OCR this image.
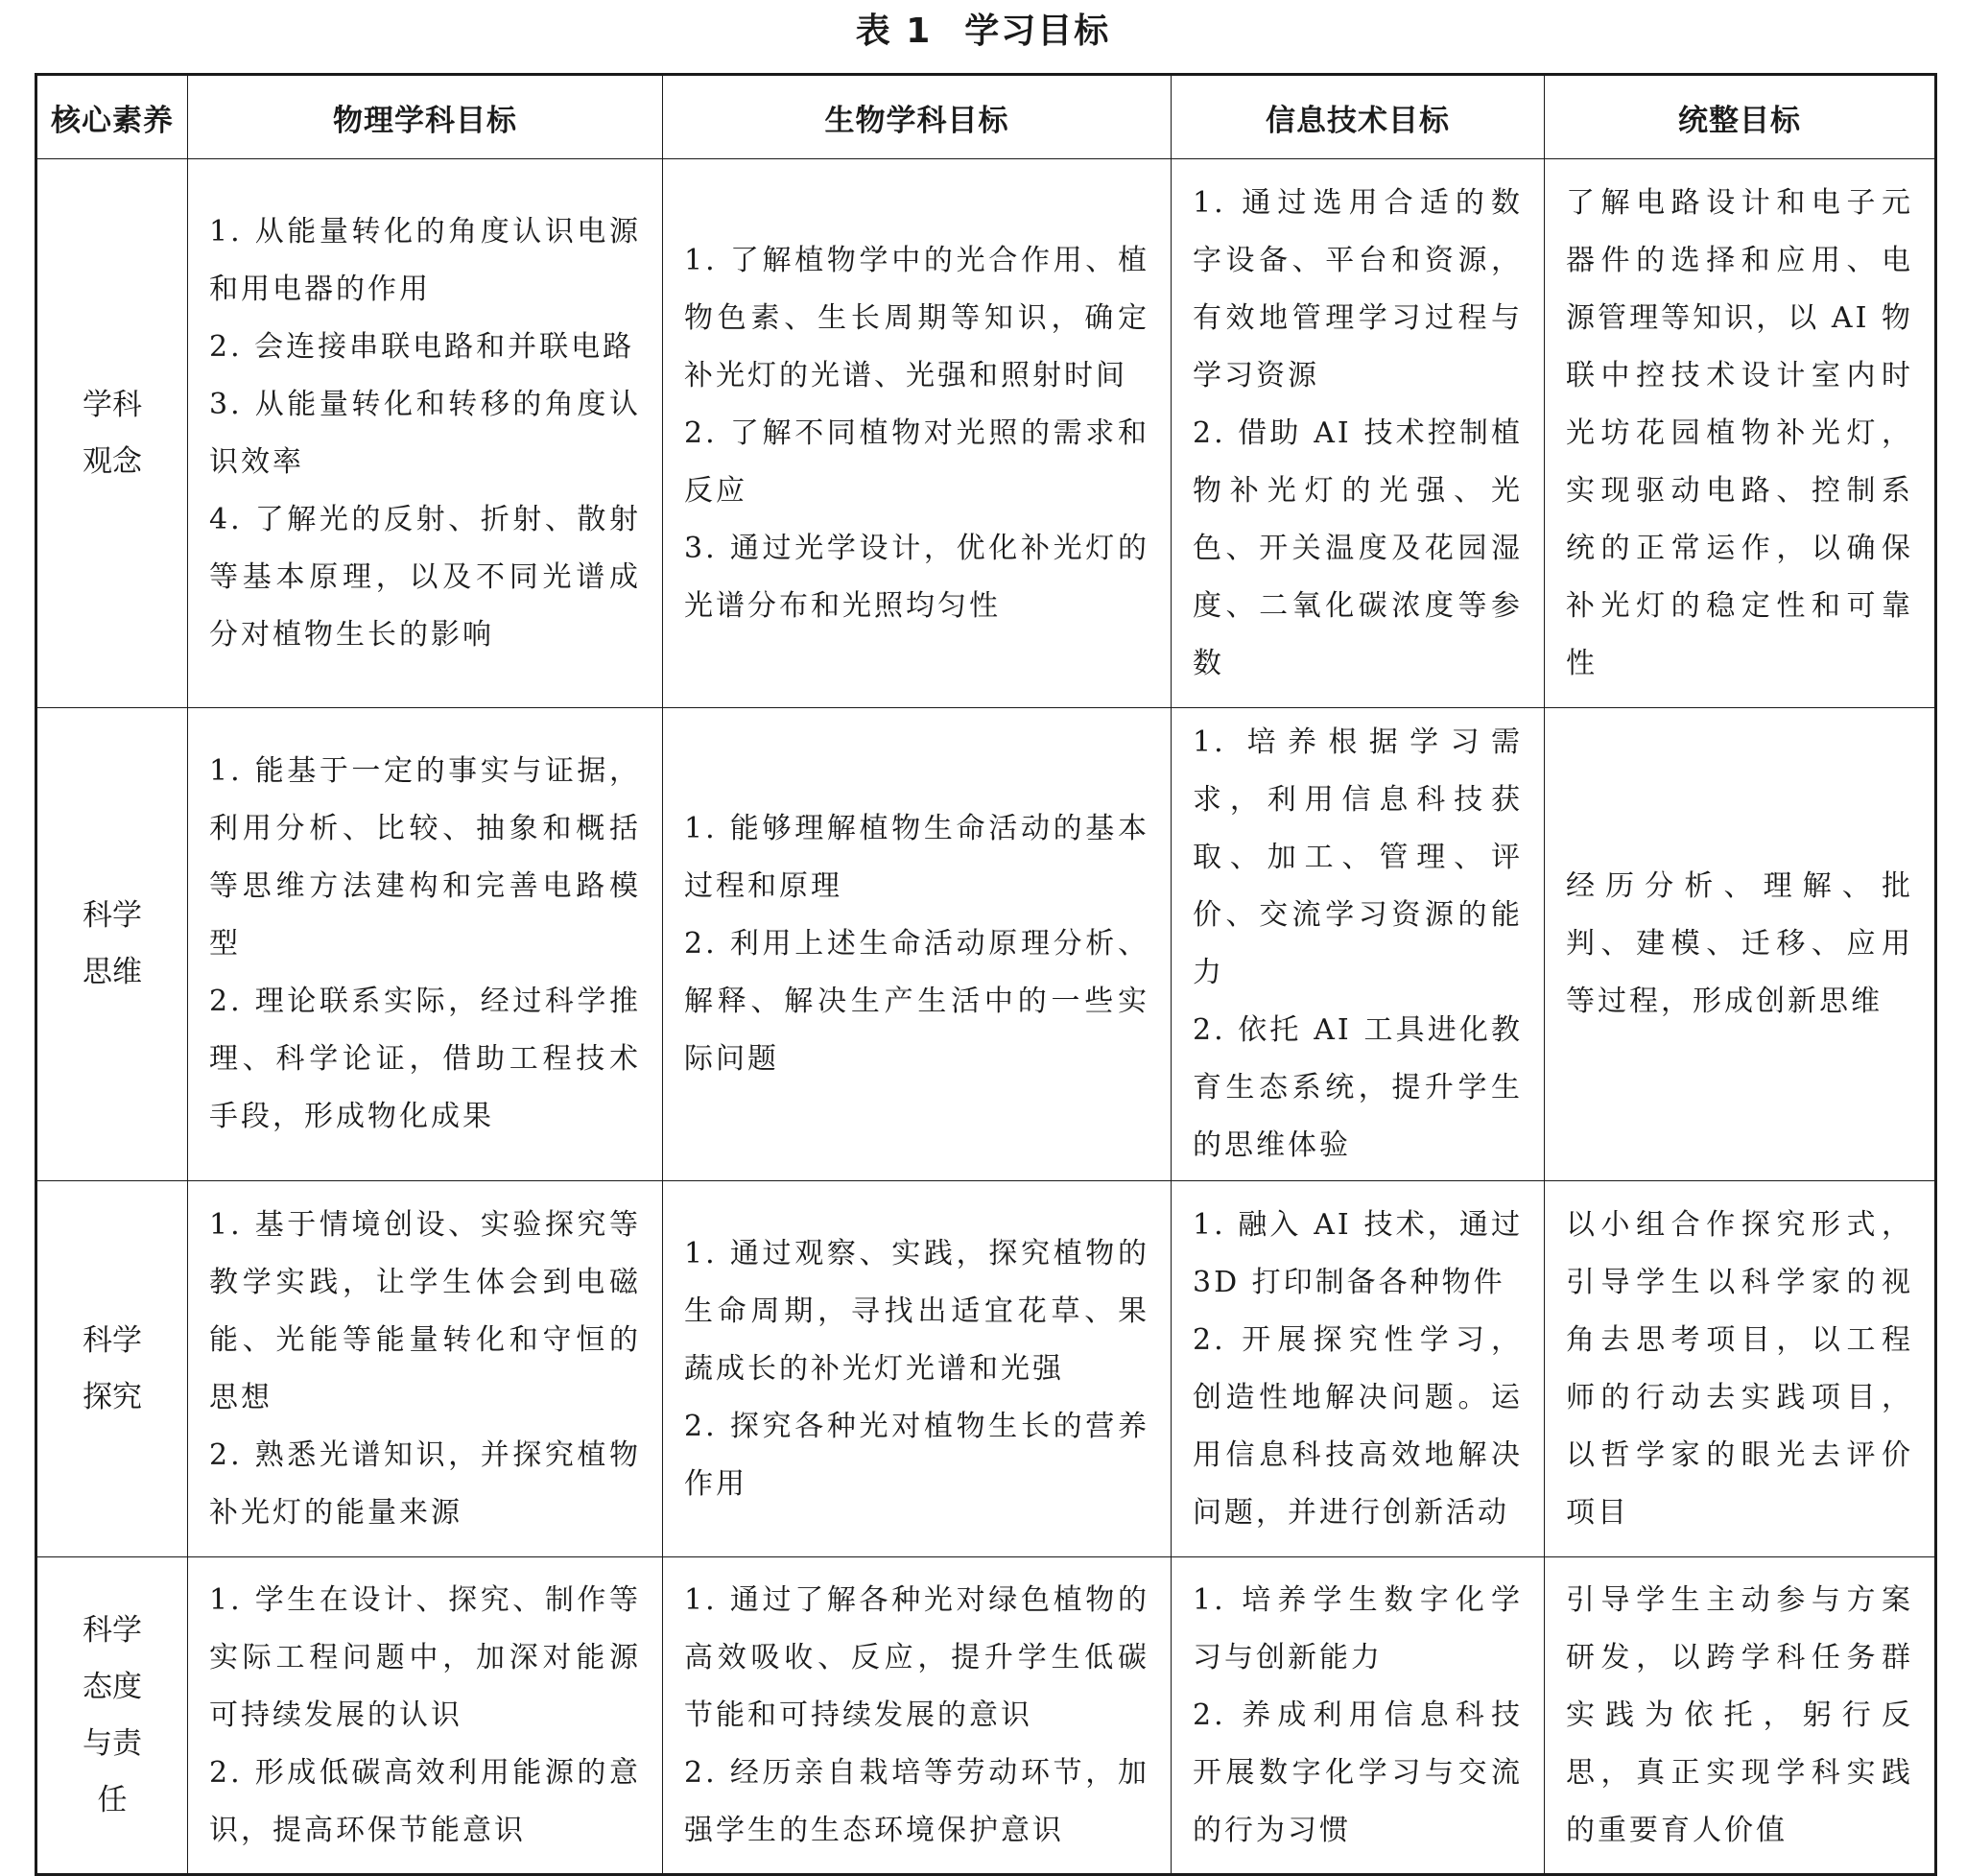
表 1 学习目标
核心素养	物理学科目标	生物学科目标	信息技术目标	统整目标

学科
观念	1. 从能量转化的角度认识电源和用电器的作用
2. 会连接串联电路和并联电路
3. 从能量转化和转移的角度认识效率
4. 了解光的反射、折射、散射等基本原理，以及不同光谱成分对植物生长的影响	1. 了解植物学中的光合作用、植物色素、生长周期等知识，确定补光灯的光谱、光强和照射时间
2. 了解不同植物对光照的需求和反应
3. 通过光学设计，优化补光灯的光谱分布和光照均匀性	1. 通过选用合适的数字设备、平台和资源，有效地管理学习过程与学习资源
2. 借助 AI 技术控制植物补光灯的光强、光色、开关温度及花园湿度、二氧化碳浓度等参数	了解电路设计和电子元器件的选择和应用、电源管理等知识，以 AI 物联中控技术设计室内时光坊花园植物补光灯，实现驱动电路、控制系统的正常运作，以确保补光灯的稳定性和可靠性

科学
思维	1. 能基于一定的事实与证据，利用分析、比较、抽象和概括等思维方法建构和完善电路模型
2. 理论联系实际，经过科学推理、科学论证，借助工程技术手段，形成物化成果	1. 能够理解植物生命活动的基本过程和原理
2. 利用上述生命活动原理分析、解释、解决生产生活中的一些实际问题	1. 培养根据学习需求，利用信息科技获取、加工、管理、评价、交流学习资源的能力
2. 依托 AI 工具进化教育生态系统，提升学生的思维体验	经历分析、理解、批判、建模、迁移、应用等过程，形成创新思维

科学
探究	1. 基于情境创设、实验探究等教学实践，让学生体会到电磁能、光能等能量转化和守恒的思想
2. 熟悉光谱知识，并探究植物补光灯的能量来源	1. 通过观察、实践，探究植物的生命周期，寻找出适宜花草、果蔬成长的补光灯光谱和光强
2. 探究各种光对植物生长的营养作用	1. 融入 AI 技术，通过 3D 打印制备各种物件
2. 开展探究性学习，创造性地解决问题。运用信息科技高效地解决问题，并进行创新活动	以小组合作探究形式，引导学生以科学家的视角去思考项目，以工程师的行动去实践项目，以哲学家的眼光去评价项目

科学
态度
与责
任	1. 学生在设计、探究、制作等实际工程问题中，加深对能源可持续发展的认识
2. 形成低碳高效利用能源的意识，提高环保节能意识	1. 通过了解各种光对绿色植物的高效吸收、反应，提升学生低碳节能和可持续发展的意识
2. 经历亲自栽培等劳动环节，加强学生的生态环境保护意识	1. 培养学生数字化学习与创新能力
2. 养成利用信息科技开展数字化学习与交流的行为习惯	引导学生主动参与方案研发，以跨学科任务群实践为依托，躬行反思，真正实现学科实践的重要育人价值
